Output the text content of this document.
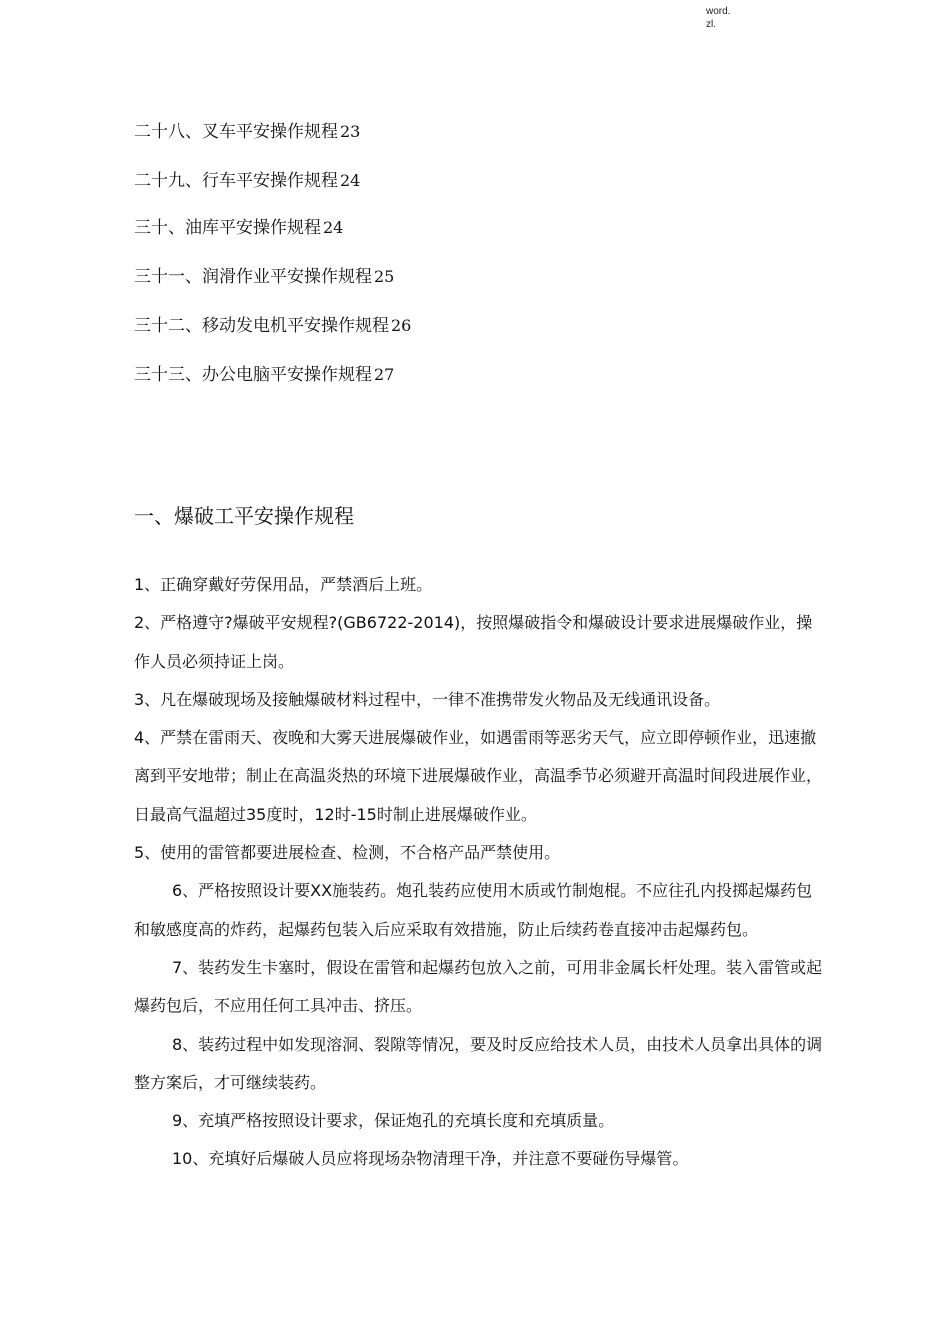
word.
zl.
二十八、叉车平安操作规程 23
二十九、行车平安操作规程 24
三十、油库平安操作规程 24
三十一、润滑作业平安操作规程 25
三十二、移动发电机平安操作规程 26
三十三、办公电脑平安操作规程 27
一、爆破工平安操作规程

1、正确穿戴好劳保用品，严禁酒后上班。

2、严格遵守?爆破平安规程?(GB6722-2014)，按照爆破指令和爆破设计要求进展爆破作业，操作人员必须持证上岗。

3、凡在爆破现场及接触爆破材料过程中，一律不准携带发火物品及无线通讯设备。

4、严禁在雷雨天、夜晚和大雾天进展爆破作业，如遇雷雨等恶劣天气，应立即停顿作业，迅速撤离到平安地带；制止在高温炎热的环境下进展爆破作业，高温季节必须避开高温时间段进展作业，日最高气温超过35度时，12时-15时制止进展爆破作业。

5、使用的雷管都要进展检查、检测，不合格产品严禁使用。

6、严格按照设计要XX施装药。炮孔装药应使用木质或竹制炮棍。不应往孔内投掷起爆药包和敏感度高的炸药，起爆药包装入后应采取有效措施，防止后续药卷直接冲击起爆药包。

7、装药发生卡塞时，假设在雷管和起爆药包放入之前，可用非金属长杆处理。装入雷管或起爆药包后，不应用任何工具冲击、挤压。

8、装药过程中如发现溶洞、裂隙等情况，要及时反应给技术人员，由技术人员拿出具体的调整方案后，才可继续装药。

9、充填严格按照设计要求，保证炮孔的充填长度和充填质量。

10、充填好后爆破人员应将现场杂物清理干净，并注意不要碰伤导爆管。
